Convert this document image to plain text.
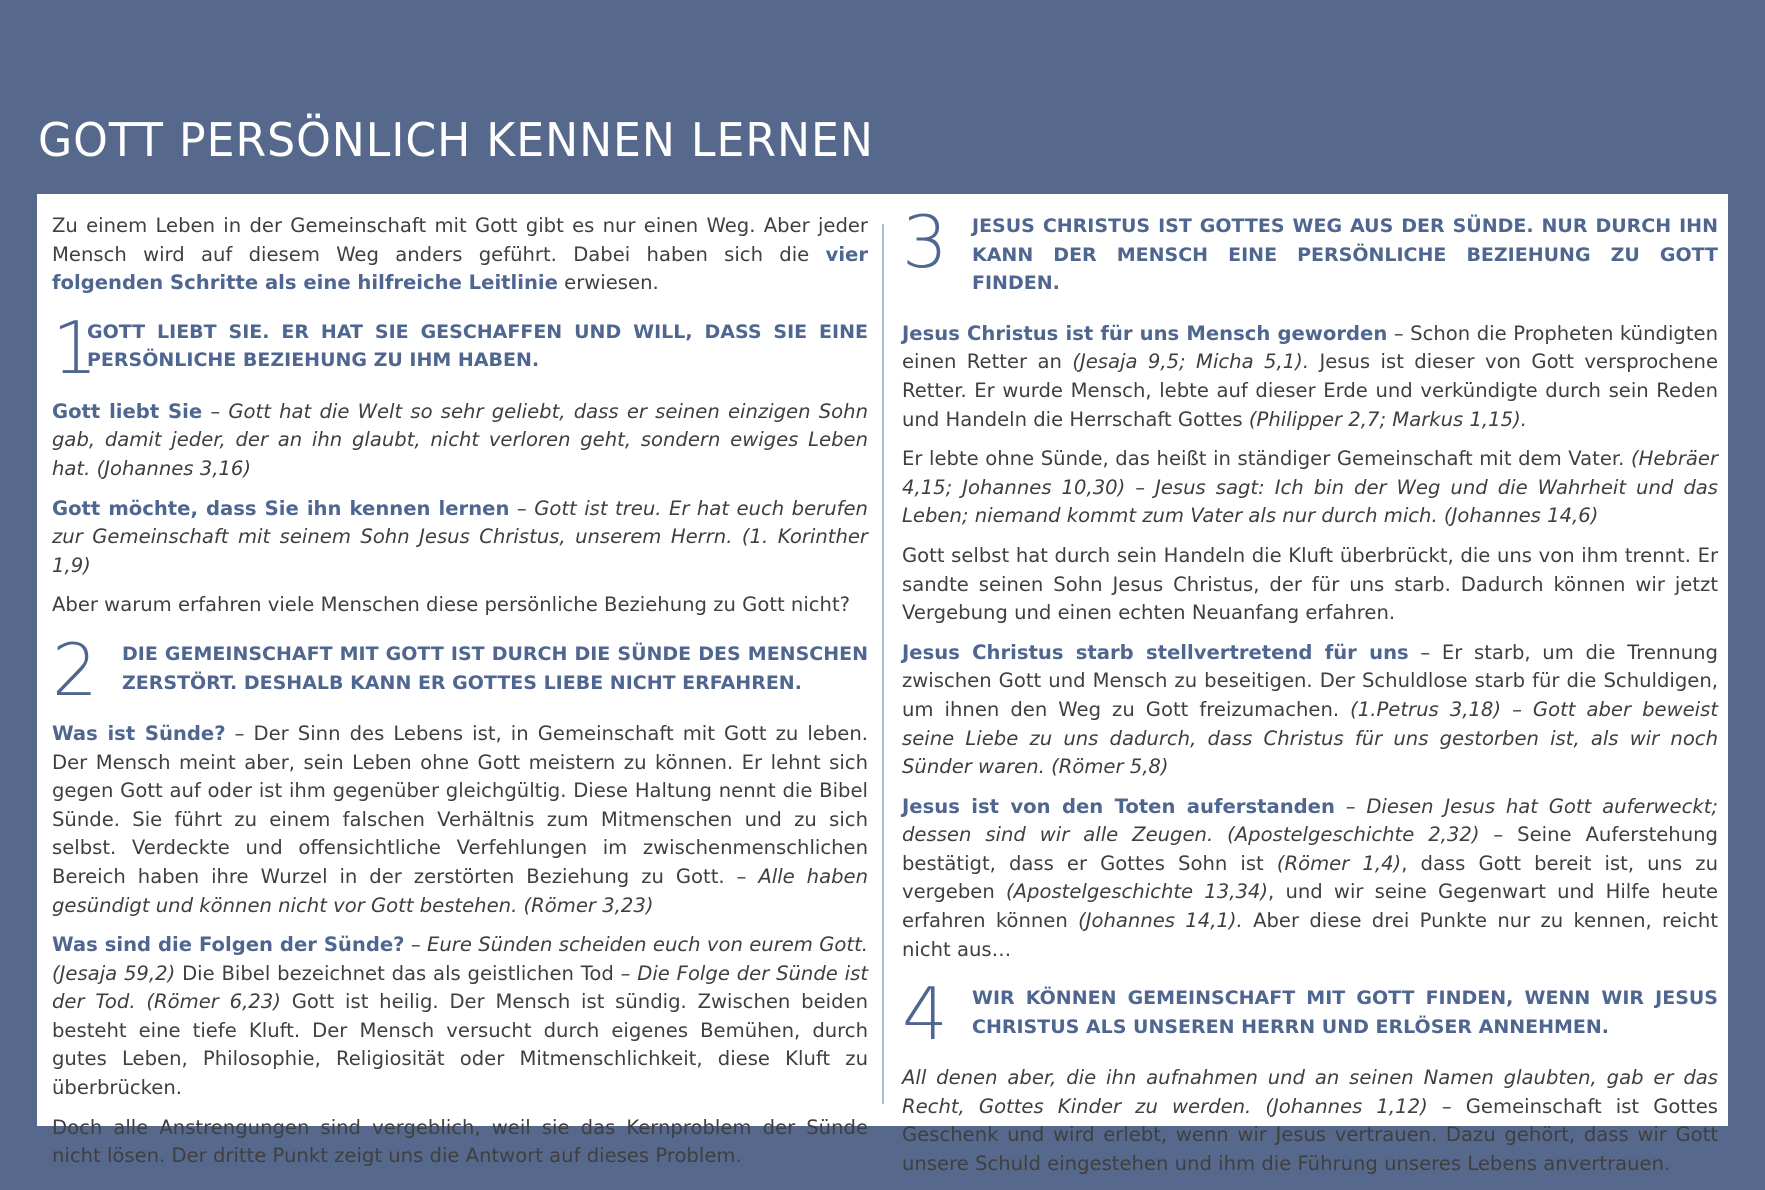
GOTT PERSÖNLICH KENNEN LERNEN

Zu einem Leben in der Gemeinschaft mit Gott gibt es nur einen Weg. Aber jeder Mensch wird auf diesem Weg anders geführt. Dabei haben sich die vier folgenden Schritte als eine hilfreiche Leitlinie erwiesen.

1
GOTT LIEBT SIE. ER HAT SIE GESCHAFFEN UND WILL, DASS SIE EINE PERSÖNLICHE BEZIEHUNG ZU IHM HABEN.

Gott liebt Sie – Gott hat die Welt so sehr geliebt, dass er seinen einzigen Sohn gab, damit jeder, der an ihn glaubt, nicht verloren geht, sondern ewiges Leben hat. (Johannes 3,16)

Gott möchte, dass Sie ihn kennen lernen – Gott ist treu. Er hat euch berufen zur Gemeinschaft mit seinem Sohn Jesus Christus, unserem Herrn. (1. Korinther 1,9)

Aber warum erfahren viele Menschen diese persönliche Beziehung zu Gott nicht?

2	DIE GEMEINSCHAFT MIT GOTT IST DURCH DIE SÜNDE DES MENSCHEN ZERSTÖRT. DESHALB KANN ER GOTTES LIEBE NICHT ERFAHREN.

Was ist Sünde? – Der Sinn des Lebens ist, in Gemeinschaft mit Gott zu leben. Der Mensch meint aber, sein Leben ohne Gott meistern zu können. Er lehnt sich gegen Gott auf oder ist ihm gegenüber gleichgültig. Diese Haltung nennt die Bibel Sünde. Sie führt zu einem falschen Verhältnis zum Mitmenschen und zu sich selbst. Verdeckte und offensichtliche Verfehlungen im zwischenmenschlichen Bereich haben ihre Wurzel in der zerstörten Beziehung zu Gott. – Alle haben gesündigt und können nicht vor Gott bestehen. (Römer 3,23)

Was sind die Folgen der Sünde? – Eure Sünden scheiden euch von eurem Gott. (Jesaja 59,2) Die Bibel bezeichnet das als geistlichen Tod – Die Folge der Sünde ist der Tod. (Römer 6,23) Gott ist heilig. Der Mensch ist sündig. Zwischen beiden besteht eine tiefe Kluft. Der Mensch versucht durch eigenes Bemühen, durch gutes Leben, Philosophie, Religiosität oder Mitmenschlichkeit, diese Kluft zu überbrücken.

Doch alle Anstrengungen sind vergeblich, weil sie das Kernproblem der Sünde nicht lösen. Der dritte Punkt zeigt uns die Antwort auf dieses Problem.

3	JESUS CHRISTUS IST GOTTES WEG AUS DER SÜNDE. NUR DURCH IHN KANN DER MENSCH EINE PERSÖNLICHE BEZIEHUNG ZU GOTT FINDEN.

Jesus Christus ist für uns Mensch geworden – Schon die Propheten kündigten einen Retter an (Jesaja 9,5; Micha 5,1). Jesus ist dieser von Gott versprochene Retter. Er wurde Mensch, lebte auf dieser Erde und verkündigte durch sein Reden und Handeln die Herrschaft Gottes (Philipper 2,7; Markus 1,15).

Er lebte ohne Sünde, das heißt in ständiger Gemeinschaft mit dem Vater. (Hebräer 4,15; Johannes 10,30) – Jesus sagt: Ich bin der Weg und die Wahrheit und das Leben; niemand kommt zum Vater als nur durch mich. (Johannes 14,6)

Gott selbst hat durch sein Handeln die Kluft überbrückt, die uns von ihm trennt. Er sandte seinen Sohn Jesus Christus, der für uns starb. Dadurch können wir jetzt Vergebung und einen echten Neuanfang erfahren.

Jesus Christus starb stellvertretend für uns – Er starb, um die Trennung zwischen Gott und Mensch zu beseitigen. Der Schuldlose starb für die Schuldigen, um ihnen den Weg zu Gott freizumachen. (1.Petrus 3,18) – Gott aber beweist seine Liebe zu uns dadurch, dass Christus für uns gestorben ist, als wir noch Sünder waren. (Römer 5,8)

Jesus ist von den Toten auferstanden – Diesen Jesus hat Gott auferweckt; dessen sind wir alle Zeugen. (Apostelgeschichte 2,32) – Seine Auferstehung bestätigt, dass er Gottes Sohn ist (Römer 1,4), dass Gott bereit ist, uns zu vergeben (Apostelgeschichte 13,34), und wir seine Gegenwart und Hilfe heute erfahren können (Johannes 14,1). Aber diese drei Punkte nur zu kennen, reicht nicht aus…

4	WIR KÖNNEN GEMEINSCHAFT MIT GOTT FINDEN, WENN WIR JESUS CHRISTUS ALS UNSEREN HERRN UND ERLÖSER ANNEHMEN.

All denen aber, die ihn aufnahmen und an seinen Namen glaubten, gab er das Recht, Gottes Kinder zu werden. (Johannes 1,12) – Gemeinschaft ist Gottes Geschenk und wird erlebt, wenn wir Jesus vertrauen. Dazu gehört, dass wir Gott unsere Schuld eingestehen und ihm die Führung unseres Lebens anvertrauen.
